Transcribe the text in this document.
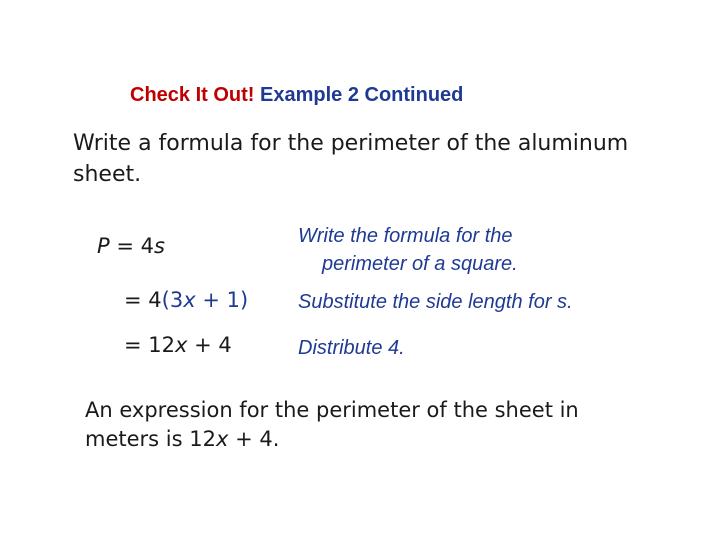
Check It Out! Example 2 Continued
Write a formula for the perimeter of the aluminum sheet.
P = 4s	Write the formula for the
perimeter of a square.
= 4(3x + 1) Substitute the side length for s.
= 12x + 4	Distribute 4.
An expression for the perimeter of the sheet in meters is 12x + 4.
